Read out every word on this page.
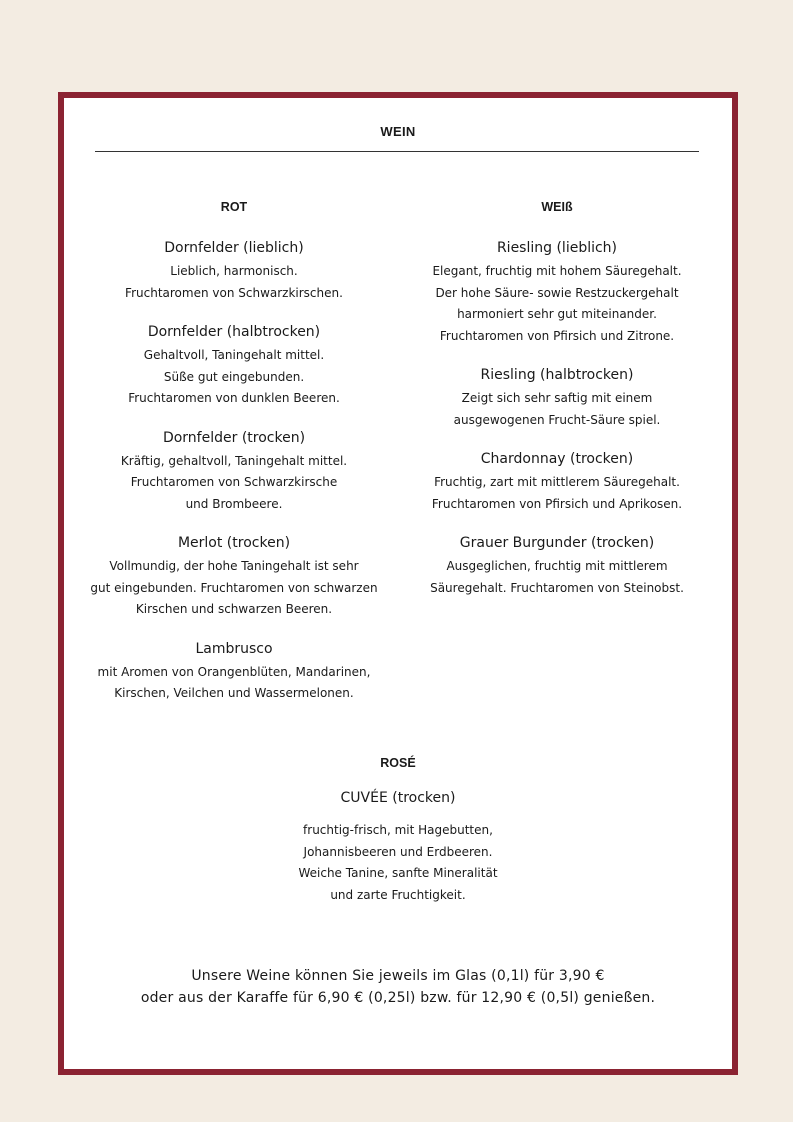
WEIN
ROT
Dornfelder (lieblich)
Lieblich, harmonisch.
Fruchtaromen von Schwarzkirschen.
Dornfelder (halbtrocken)
Gehaltvoll, Taningehalt mittel.
Süße gut eingebunden.
Fruchtaromen von dunklen Beeren.
Dornfelder (trocken)
Kräftig, gehaltvoll, Taningehalt mittel.
Fruchtaromen von Schwarzkirsche
und Brombeere.
Merlot (trocken)
Vollmundig, der hohe Taningehalt ist sehr
gut eingebunden. Fruchtaromen von schwarzen
Kirschen und schwarzen Beeren.
Lambrusco
mit Aromen von Orangenblüten, Mandarinen,
Kirschen, Veilchen und Wassermelonen.
WEIß
Riesling (lieblich)
Elegant, fruchtig mit hohem Säuregehalt.
Der hohe Säure- sowie Restzuckergehalt
harmoniert sehr gut miteinander.
Fruchtaromen von Pfirsich und Zitrone.
Riesling (halbtrocken)
Zeigt sich sehr saftig mit einem
ausgewogenen Frucht-Säure spiel.
Chardonnay (trocken)
Fruchtig, zart mit mittlerem Säuregehalt.
Fruchtaromen von Pfirsich und Aprikosen.
Grauer Burgunder (trocken)
Ausgeglichen, fruchtig mit mittlerem
Säuregehalt. Fruchtaromen von Steinobst.
ROSÉ
CUVÉE (trocken)
fruchtig-frisch, mit Hagebutten,
Johannisbeeren und Erdbeeren.
Weiche Tanine, sanfte Mineralität
und zarte Fruchtigkeit.
Unsere Weine können Sie jeweils im Glas (0,1l) für 3,90 €
oder aus der Karaffe für 6,90 € (0,25l) bzw. für 12,90 € (0,5l) genießen.
